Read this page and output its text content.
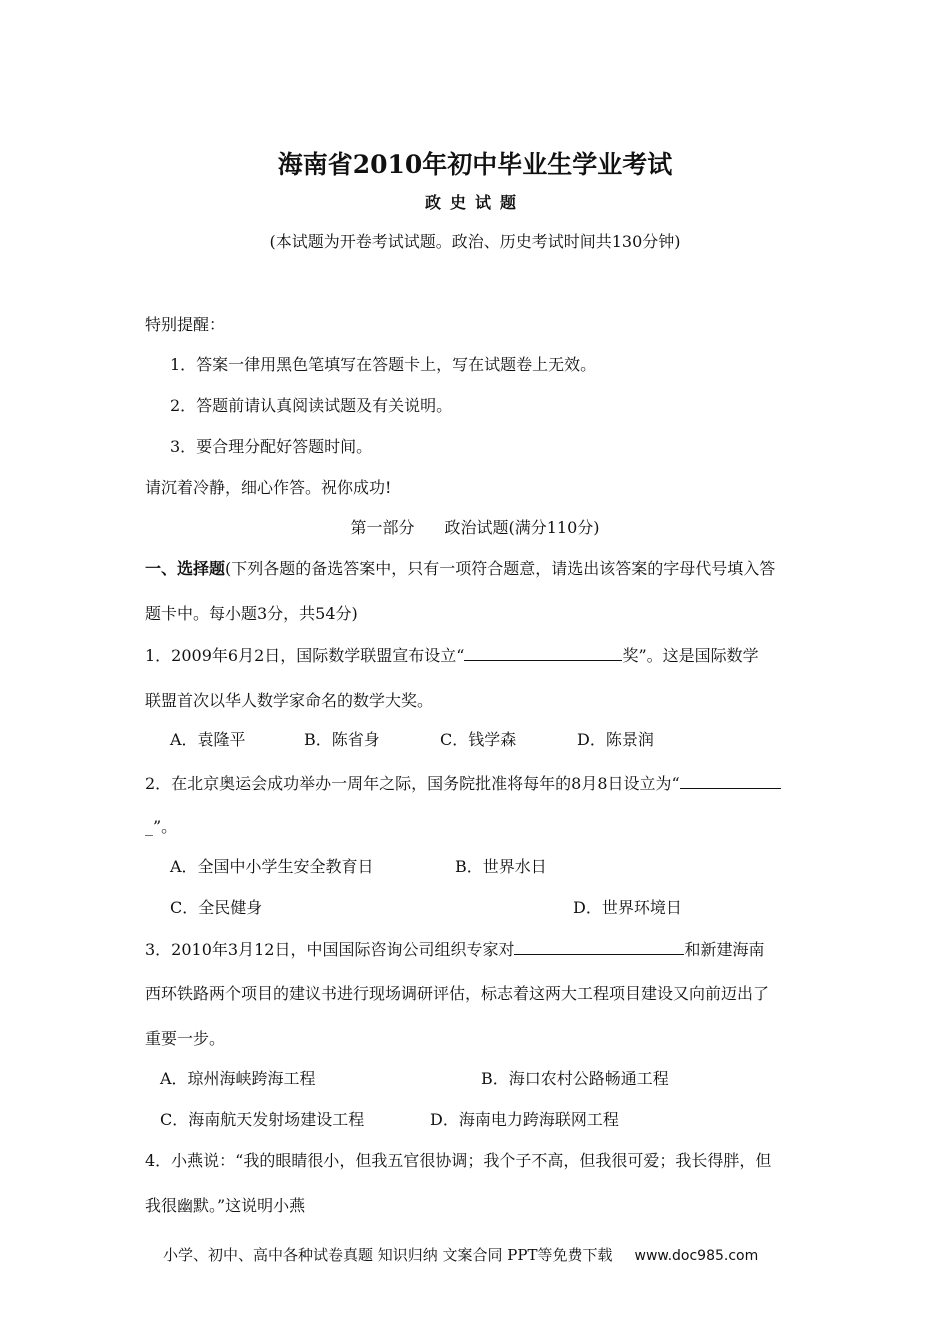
海南省2010年初中毕业生学业考试
政史试题
(本试题为开卷考试试题。政治、历史考试时间共130分钟)
特别提醒：
1．答案一律用黑色笔填写在答题卡上，写在试题卷上无效。
2．答题前请认真阅读试题及有关说明。
3．要合理分配好答题时间。
请沉着冷静，细心作答。祝你成功!
第一部分 政治试题(满分110分)
一、选择题(下列各题的备选答案中，只有一项符合题意，请选出该答案的字母代号填入答
题卡中。每小题3分，共54分)
1．2009年6月2日，国际数学联盟宣布设立“	奖”。这是国际数学
联盟首次以华人数学家命名的数学大奖。
A．袁隆平	B．陈省身	C．钱学森	D．陈景润
2．在北京奥运会成功举办一周年之际，国务院批准将每年的8月8日设立为“
_”。
A．全国中小学生安全教育日	B．世界水日
C．全民健身	D．世界环境日
3．2010年3月12日，中国国际咨询公司组织专家对	和新建海南
西环铁路两个项目的建议书进行现场调研评估，标志着这两大工程项目建设又向前迈出了
重要一步。
A．琼州海峡跨海工程	B．海口农村公路畅通工程
C．海南航天发射场建设工程	D．海南电力跨海联网工程
4．小燕说：“我的眼睛很小，但我五官很协调；我个子不高，但我很可爱；我长得胖，但
我很幽默。”这说明小燕
小学、初中、高中各种试卷真题 知识归纳 文案合同 PPT等免费下载 www.doc985.com
